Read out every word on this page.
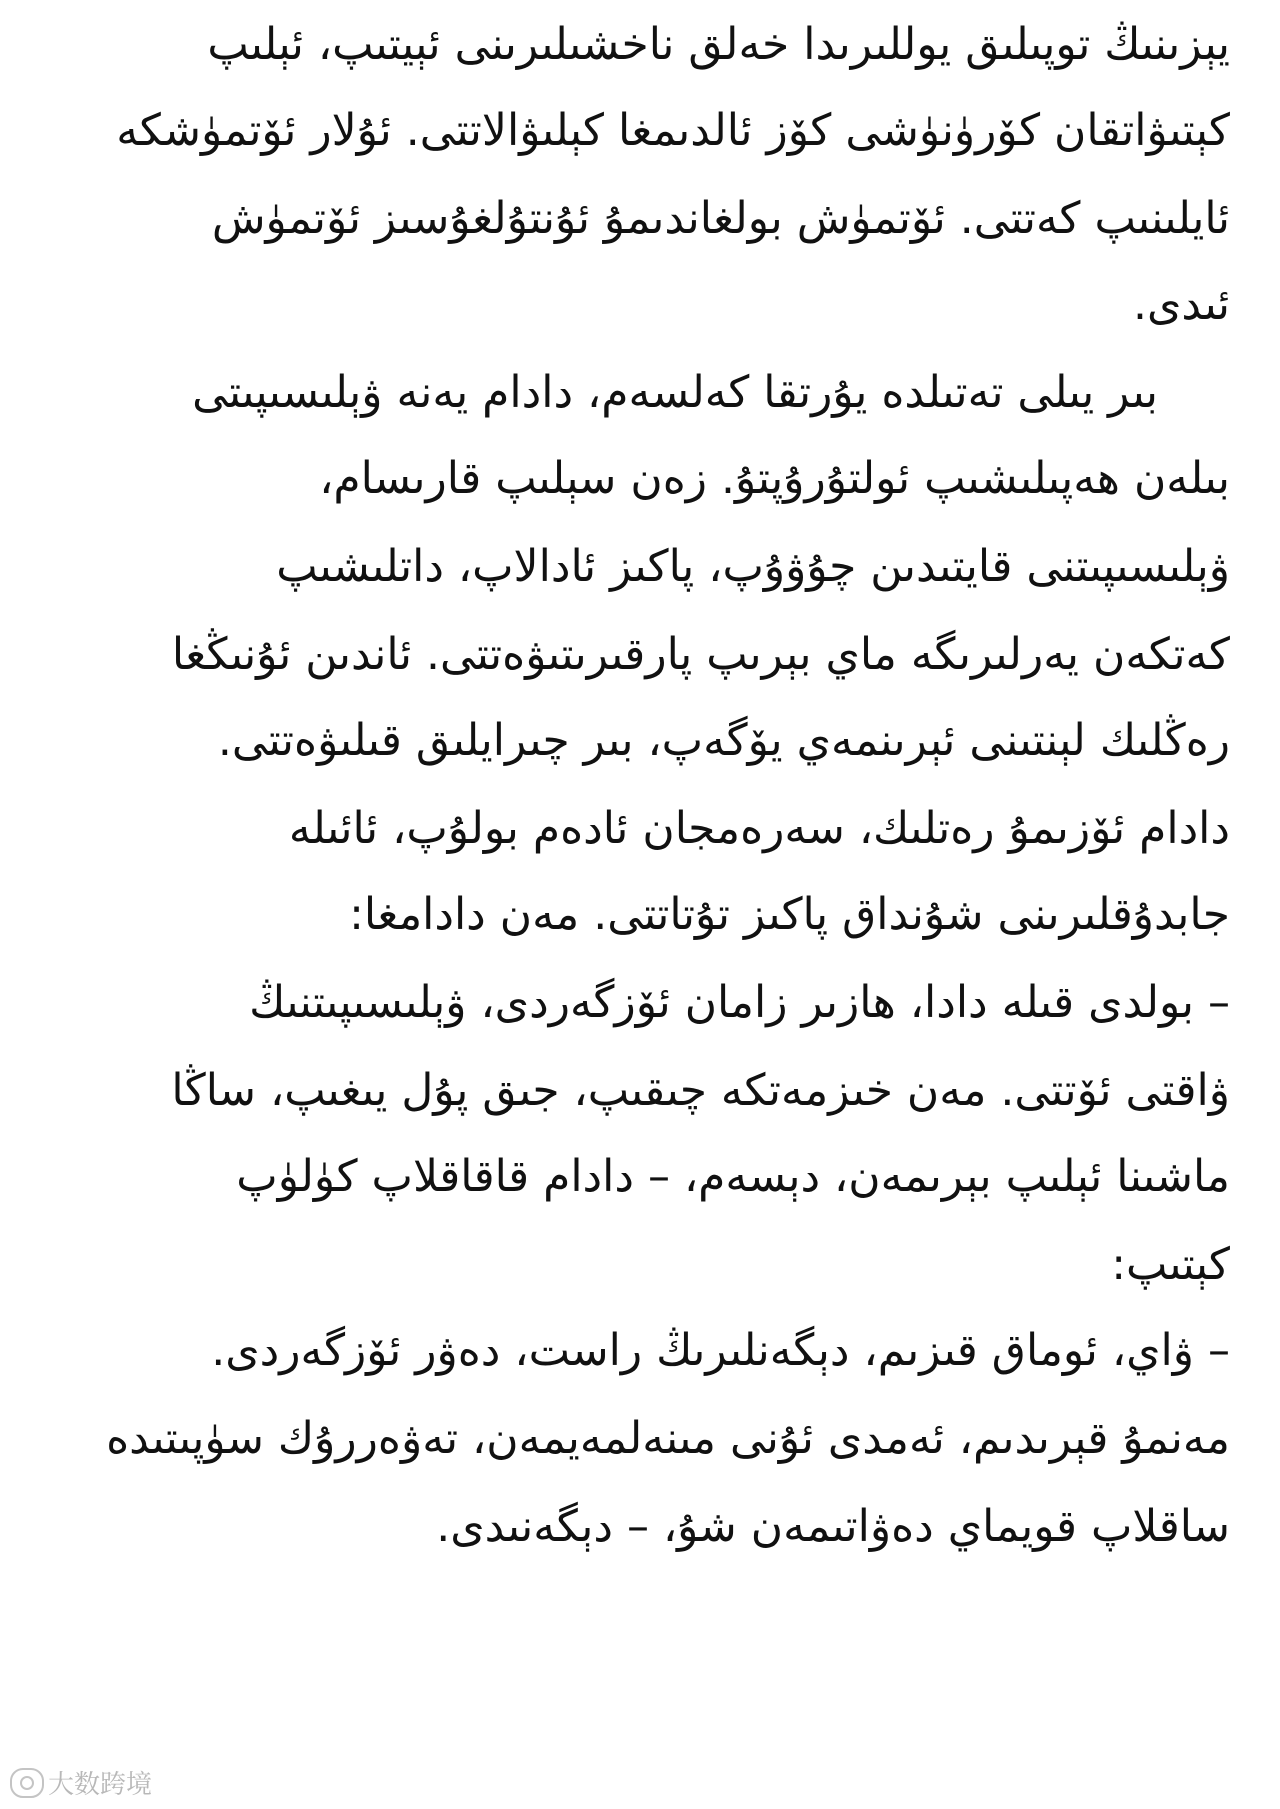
يېزىنىڭ توپىلىق يوللىرىدا خەلق ناخشىلىرىنى ئېيتىپ، ئېلىپ
كېتىۋاتقان كۆرۈنۈشى كۆز ئالدىمغا كېلىۋالاتتى. ئۇلار ئۆتمۈشكە
ئايلىنىپ كەتتى. ئۆتمۈش بولغاندىمۇ ئۇنتۇلغۇسىز ئۆتمۈش
ئىدى.
بىر يىلى تەتىلدە يۇرتقا كەلسەم، دادام يەنە ۋېلىسىپىتى
بىلەن ھەپىلىشىپ ئولتۇرۇپتۇ. زەن سېلىپ قارىسام،
ۋېلىسىپىتنى قايتىدىن چۇۋۇپ، پاكىز ئادالاپ، داتلىشىپ
كەتكەن يەرلىرىگە ماي بېرىپ پارقىرىتىۋەتتى. ئاندىن ئۇنىڭغا
رەڭلىك لېنتىنى ئېرىنمەي يۆگەپ، بىر چىرايلىق قىلىۋەتتى.
دادام ئۆزىمۇ رەتلىك، سەرەمجان ئادەم بولۇپ، ئائىلە
جابدۇقلىرىنى شۇنداق پاكىز تۇتاتتى. مەن دادامغا:
– بولدى قىلە دادا، ھازىر زامان ئۆزگەردى، ۋېلىسىپىتنىڭ
ۋاقتى ئۆتتى. مەن خىزمەتكە چىقىپ، جىق پۇل يىغىپ، ساڭا
ماشىنا ئېلىپ بېرىمەن، دېسەم، – دادام قاقاقلاپ كۈلۈپ
كېتىپ:
– ۋاي، ئوماق قىزىم، دېگەنلىرىڭ راست، دەۋر ئۆزگەردى.
مەنمۇ قېرىدىم، ئەمدى ئۇنى مىنەلمەيمەن، تەۋەررۇك سۈپىتىدە
ساقلاپ قويماي دەۋاتىمەن شۇ، – دېگەنىدى.
大数跨境
